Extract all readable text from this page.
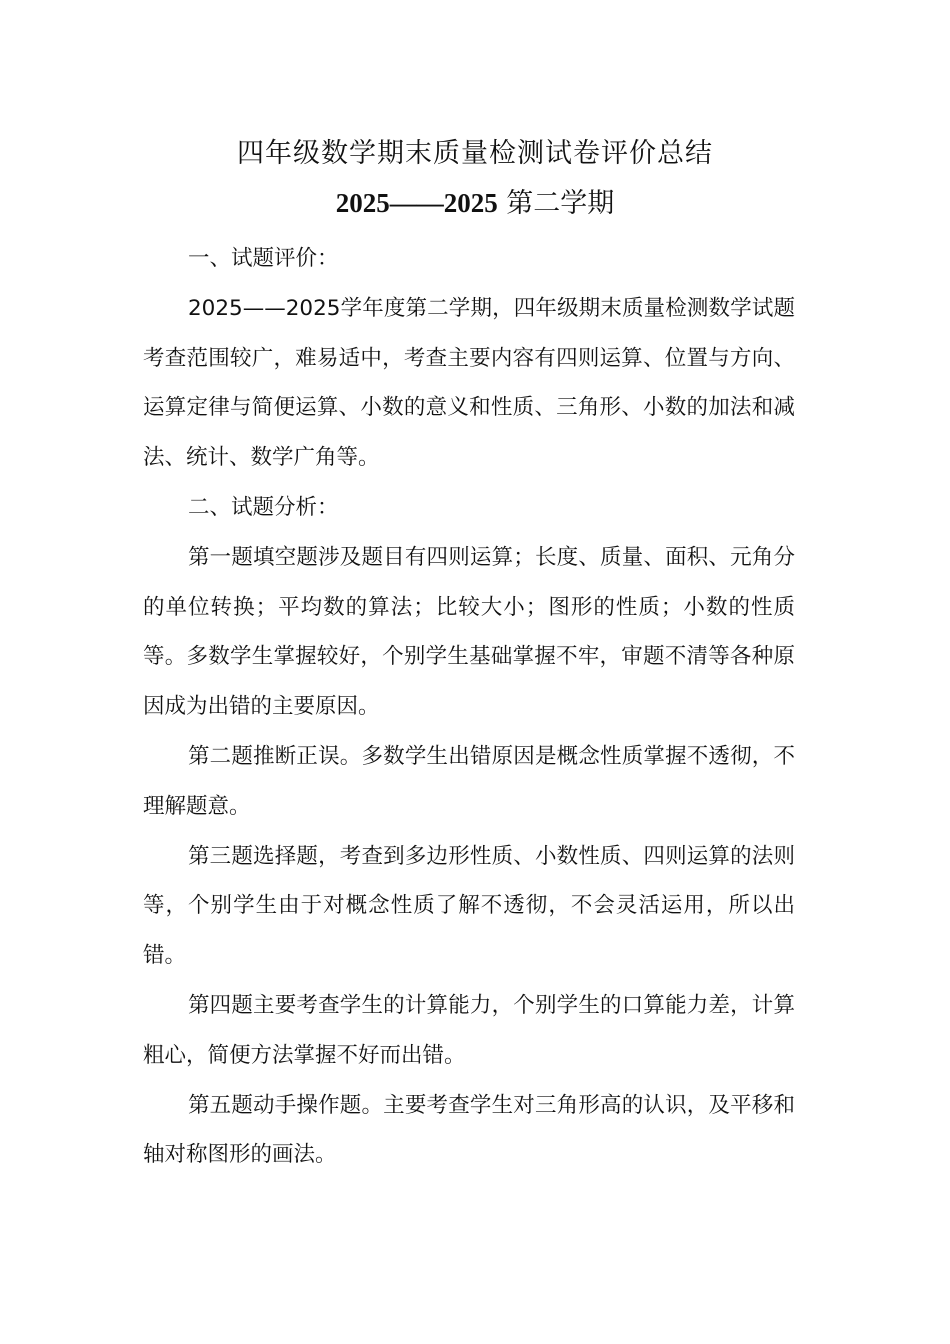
四年级数学期末质量检测试卷评价总结
2025——2025 第二学期

一、试题评价：

2025——2025学年度第二学期，四年级期末质量检测数学试题考查范围较广，难易适中，考查主要内容有四则运算、位置与方向、运算定律与简便运算、小数的意义和性质、三角形、小数的加法和减法、统计、数学广角等。

二、试题分析：

第一题填空题涉及题目有四则运算；长度、质量、面积、元角分的单位转换；平均数的算法；比较大小；图形的性质；小数的性质等。多数学生掌握较好，个别学生基础掌握不牢，审题不清等各种原因成为出错的主要原因。

第二题推断正误。多数学生出错原因是概念性质掌握不透彻，不理解题意。

第三题选择题，考查到多边形性质、小数性质、四则运算的法则等，个别学生由于对概念性质了解不透彻，不会灵活运用，所以出错。

第四题主要考查学生的计算能力，个别学生的口算能力差，计算粗心，简便方法掌握不好而出错。

第五题动手操作题。主要考查学生对三角形高的认识，及平移和轴对称图形的画法。
